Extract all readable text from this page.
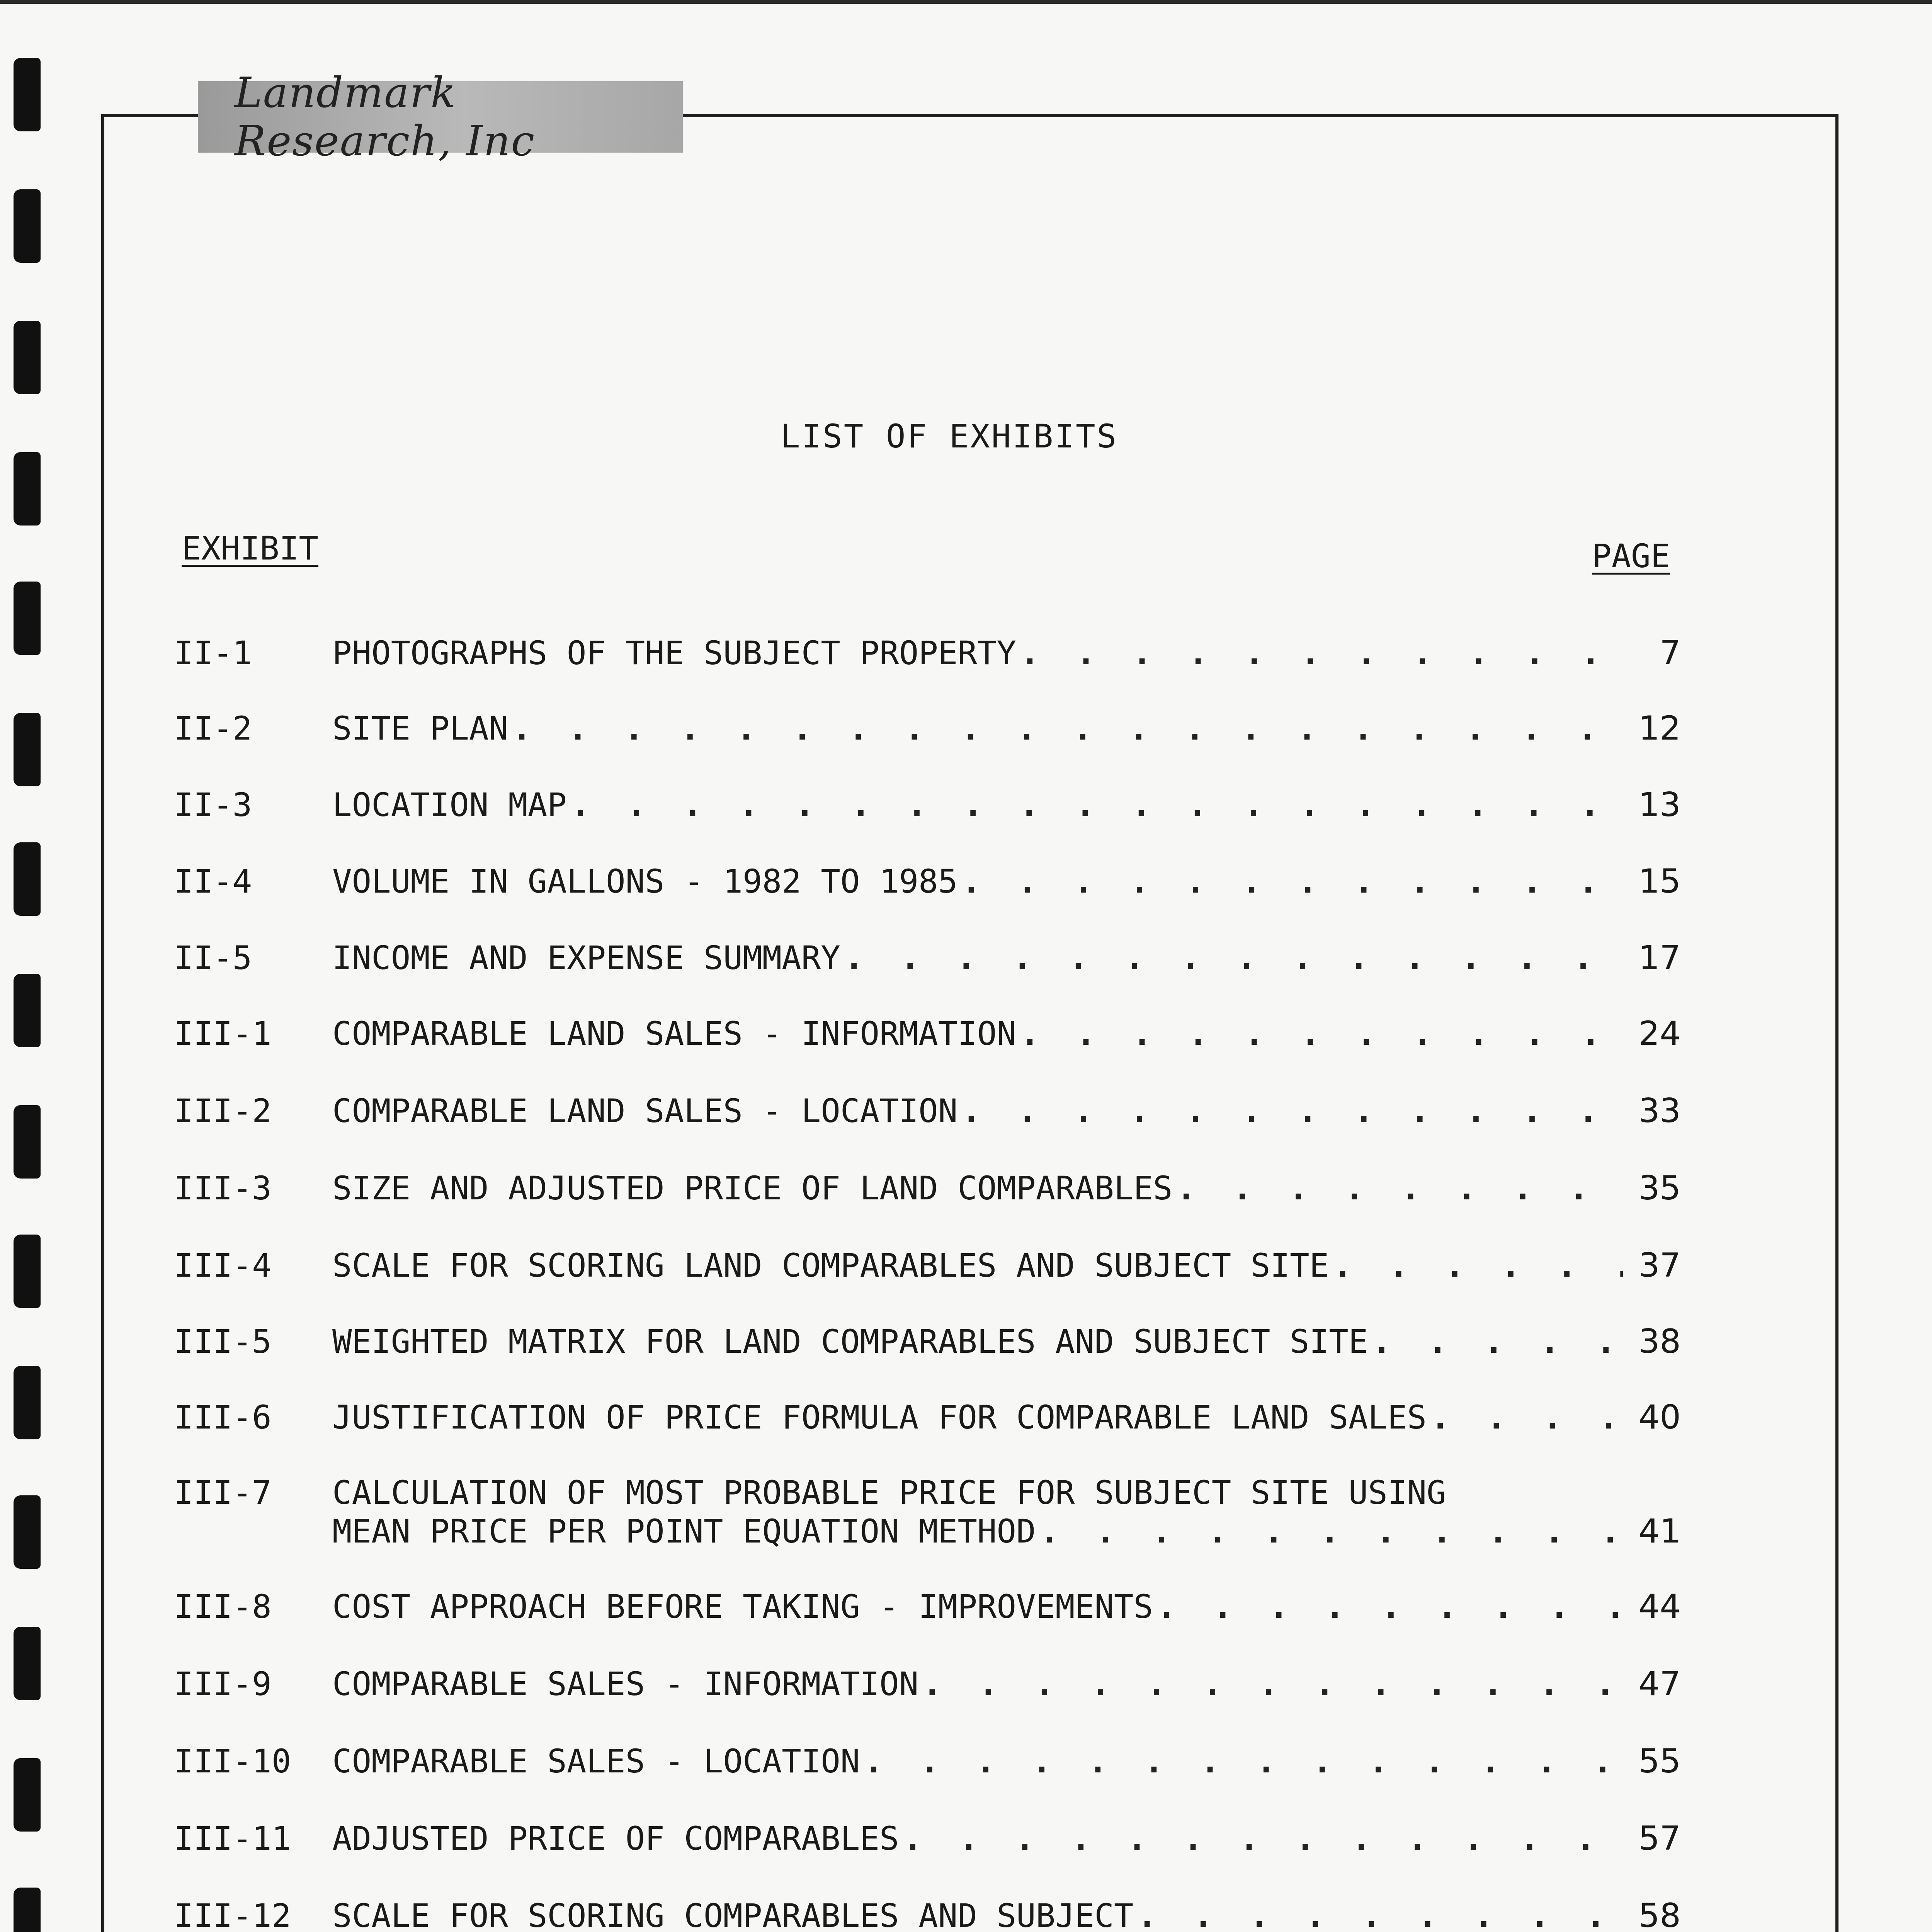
Landmark Research, Inc
LIST OF EXHIBITS
EXHIBIT	PAGE
II-1	PHOTOGRAPHS OF THE SUBJECT PROPERTY . . .	7
II-2	SITE PLAN . . .	12
II-3	LOCATION MAP . . .	13
II-4	VOLUME IN GALLONS - 1982 TO 1985 . . .	15
II-5	INCOME AND EXPENSE SUMMARY . . .	17
III-1	COMPARABLE LAND SALES - INFORMATION . . .	24
III-2	COMPARABLE LAND SALES - LOCATION . . .	33
III-3	SIZE AND ADJUSTED PRICE OF LAND COMPARABLES . . .	35
III-4	SCALE FOR SCORING LAND COMPARABLES AND SUBJECT SITE . . .	37
III-5	WEIGHTED MATRIX FOR LAND COMPARABLES AND SUBJECT SITE . . .	38
III-6	JUSTIFICATION OF PRICE FORMULA FOR COMPARABLE LAND SALES . . .	40
III-7	CALCULATION OF MOST PROBABLE PRICE FOR SUBJECT SITE USING
MEAN PRICE PER POINT EQUATION METHOD . . .	41
III-8	COST APPROACH BEFORE TAKING - IMPROVEMENTS . . .	44
III-9	COMPARABLE SALES - INFORMATION . . .	47
III-10	COMPARABLE SALES - LOCATION . . .	55
III-11	ADJUSTED PRICE OF COMPARABLES . . .	57
III-12	SCALE FOR SCORING COMPARABLES AND SUBJECT . . .	58
